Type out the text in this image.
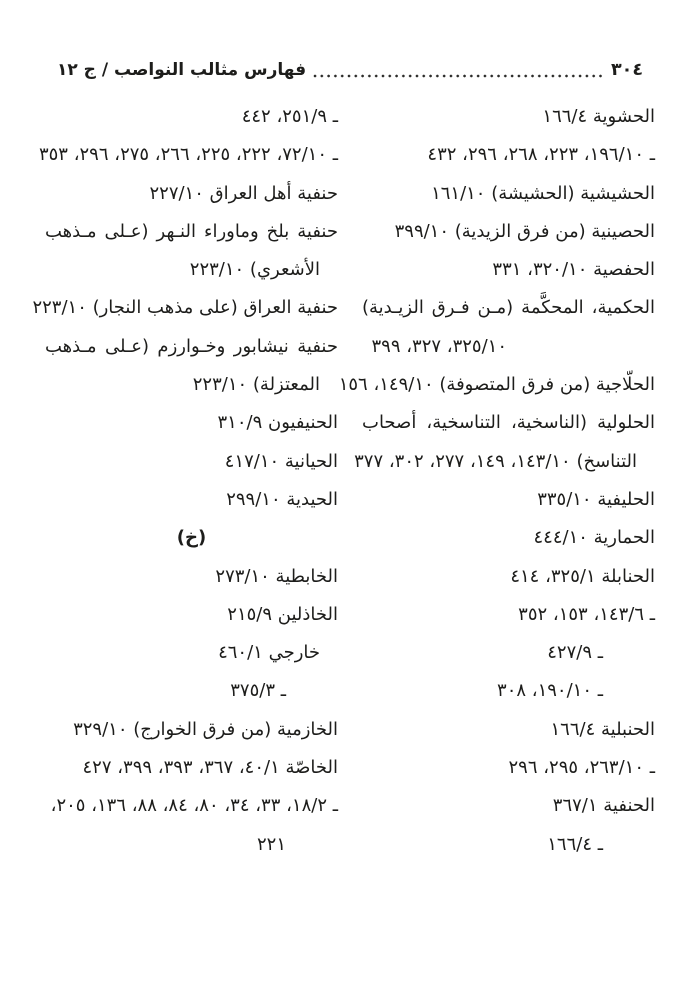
فهارس مثالب النواصب / ج ١٢	٣٠٤
الحشوية ١٦٦/٤
ـ ١٩٦/١٠، ٢٢٣، ٢٦٨، ٢٩٦، ٤٣٢
الحشيشية (الحشيشة) ١٦١/١٠
الحصينية (من فرق الزيدية) ٣٩٩/١٠
الحفصية ٣٢٠/١٠، ٣٣١
الحكمية، المحكَّمة (مـن فـرق الزيـدية)
٣٢٥/١٠، ٣٢٧، ٣٩٩
الحلّاجية (من فرق المتصوفة) ١٤٩/١٠، ١٥٦
الحلولية (الناسخية، التناسخية، أصحاب
التناسخ) ١٤٣/١٠، ١٤٩، ٢٧٧، ٣٠٢، ٣٧٧
الحليفية ٣٣٥/١٠
الحمارية ٤٤٤/١٠
الحنابلة ٣٢٥/١، ٤١٤
ـ ١٤٣/٦، ١٥٣، ٣٥٢
ـ ٤٢٧/٩
ـ ١٩٠/١٠، ٣٠٨
الحنبلية ١٦٦/٤
ـ ٢٦٣/١٠، ٢٩٥، ٢٩٦
الحنفية ٣٦٧/١
ـ ١٦٦/٤
ـ ٢٥١/٩، ٤٤٢
ـ ٧٢/١٠، ٢٢٢، ٢٢٥، ٢٦٦، ٢٧٥، ٢٩٦، ٣٥٣
حنفية أهل العراق ٢٢٧/١٠
حنفية بلخ وماوراء النـهر (عـلى مـذهب
الأشعري) ٢٢٣/١٠
حنفية العراق (على مذهب النجار) ٢٢٣/١٠
حنفية نيشابور وخـوارزم (عـلى مـذهب
المعتزلة) ٢٢٣/١٠
الحنيفيون ٣١٠/٩
الحيانية ٤١٧/١٠
الحيدية ٢٩٩/١٠
(خ)
الخابطية ٢٧٣/١٠
الخاذلين ٢١٥/٩
خارجي ٤٦٠/١
ـ ٣٧٥/٣
الخازمية (من فرق الخوارج) ٣٢٩/١٠
الخاصّة ٤٠/١، ٣٦٧، ٣٩٣، ٣٩٩، ٤٢٧
ـ ١٨/٢، ٣٣، ٣٤، ٨٠، ٨٤، ٨٨، ١٣٦، ٢٠٥،
٢٢١
